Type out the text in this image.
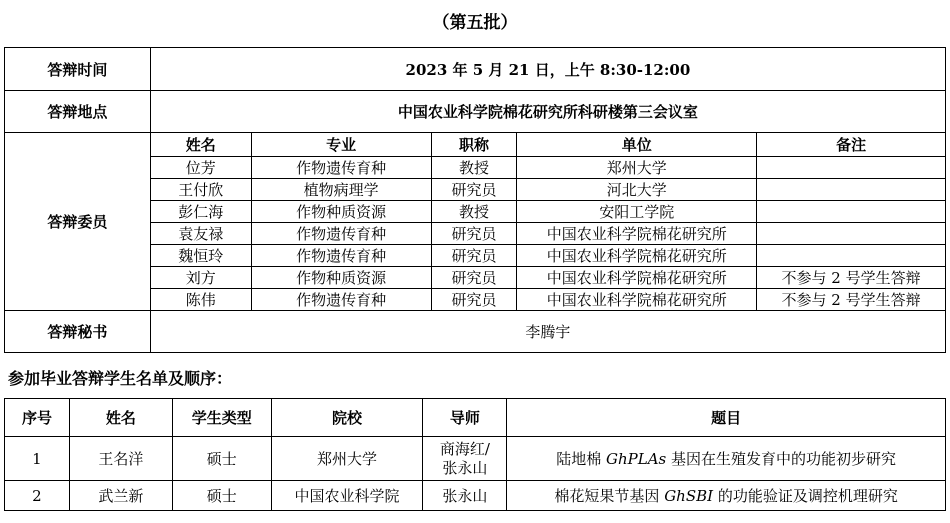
（第五批）
答辩时间	2023 年 5 月 21 日，上午 8:30-12:00				
答辩地点	中国农业科学院棉花研究所科研楼第三会议室				
答辩委员	姓名	专业	职称	单位	备注
	位芳	作物遗传育种	教授	郑州大学	
	王付欣	植物病理学	研究员	河北大学	
	彭仁海	作物种质资源	教授	安阳工学院	
	袁友禄	作物遗传育种	研究员	中国农业科学院棉花研究所	
	魏恒玲	作物遗传育种	研究员	中国农业科学院棉花研究所	
	刘方	作物种质资源	研究员	中国农业科学院棉花研究所	不参与 2 号学生答辩
	陈伟	作物遗传育种	研究员	中国农业科学院棉花研究所	不参与 2 号学生答辩
答辩秘书	李腾宇				
参加毕业答辩学生名单及顺序：
序号	姓名	学生类型	院校	导师	题目
1	王名洋	硕士	郑州大学	商海红/
张永山	陆地棉 GhPLAs 基因在生殖发育中的功能初步研究
2	武兰新	硕士	中国农业科学院	张永山	棉花短果节基因 GhSBI 的功能验证及调控机理研究
